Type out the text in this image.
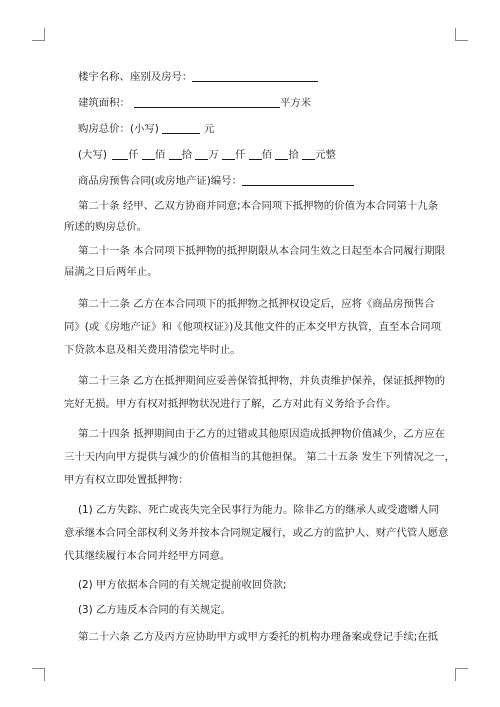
楼宇名称、座别及房号：
建筑面积：	平方米
购房总价：(小写)	元
(大写) 仟 佰 拾 万 仟 佰 拾 元整
商品房预售合同(或房地产证)编号：
第二十条 经甲、乙双方协商并同意;本合同项下抵押物的价值为本合同第十九条
所述的购房总价。
第二十一条 本合同项下抵押物的抵押期限从本合同生效之日起至本合同履行期限
届满之日后两年止。
第二十二条 乙方在本合同项下的抵押物之抵押权设定后，应将《商品房预售合
同》(或《房地产证》和《他项权证》)及其他文件的正本交甲方执管，直至本合同项
下贷款本息及相关费用清偿完毕时止。
第二十三条 乙方在抵押期间应妥善保管抵押物，并负责维护保养，保证抵押物的
完好无损。甲方有权对抵押物状况进行了解，乙方对此有义务给予合作。
第二十四条 抵押期间由于乙方的过错或其他原因造成抵押物价值减少，乙方应在
三十天内向甲方提供与减少的价值相当的其他担保。 第二十五条 发生下列情况之一，
甲方有权立即处置抵押物：
(1) 乙方失踪、死亡或丧失完全民事行为能力。除非乙方的继承人或受遗赠人同
意承继本合同全部权利义务并按本合同规定履行，或乙方的监护人、财产代管人愿意
代其继续履行本合同并经甲方同意。
(2) 甲方依据本合同的有关规定提前收回贷款;
(3) 乙方违反本合同的有关规定。
第二十六条 乙方及丙方应协助甲方或甲方委托的机构办理备案或登记手续;在抵
